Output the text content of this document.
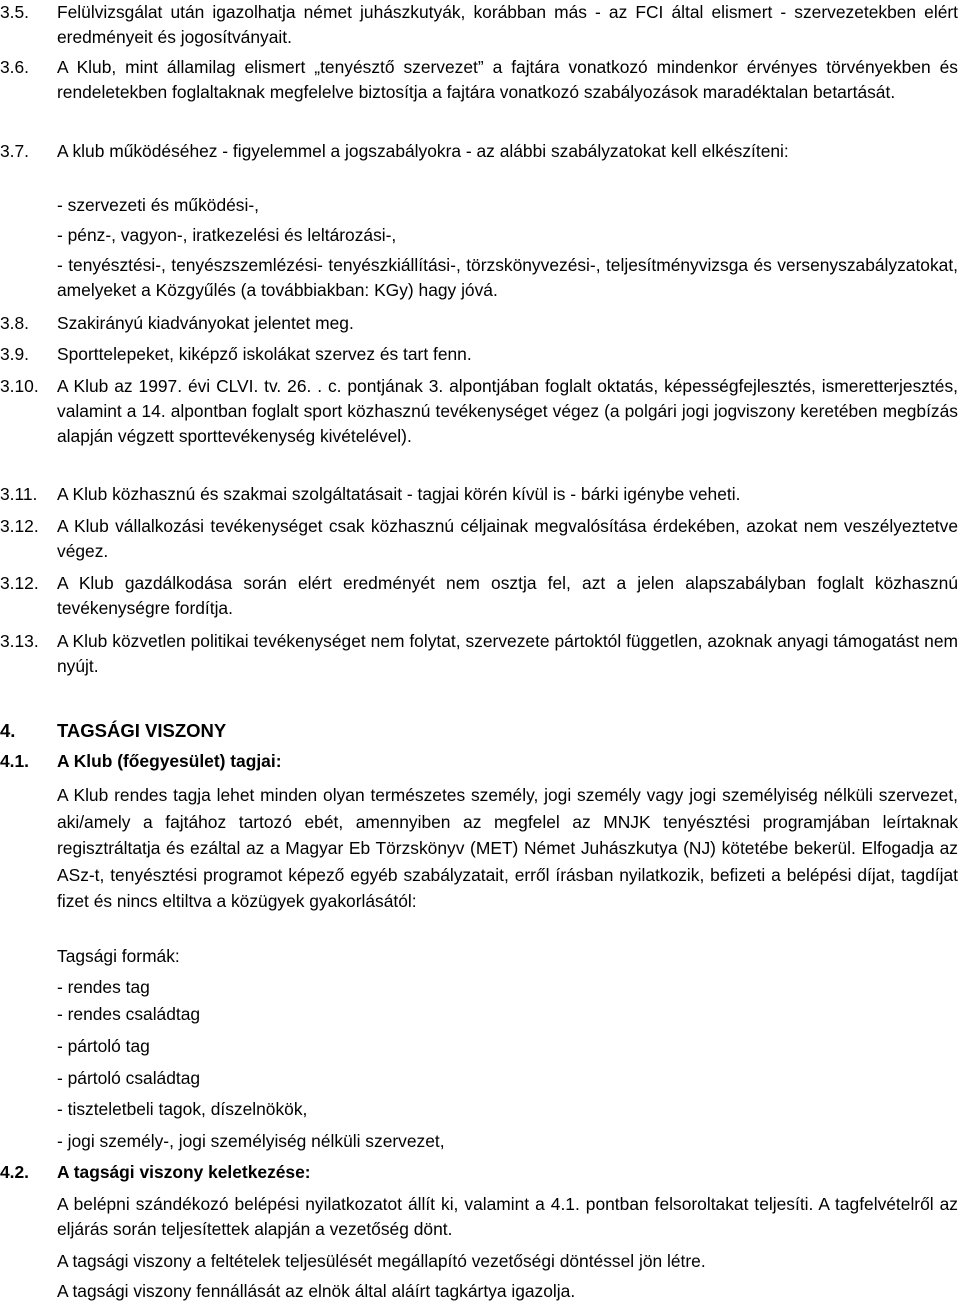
3.5. Felülvizsgálat után igazolhatja német juhászkutyák, korábban más - az FCI által elismert - szervezetekben elért eredményeit és jogosítványait.

3.6. A Klub, mint államilag elismert „tenyésztő szervezet” a fajtára vonatkozó mindenkor érvényes törvényekben és rendeletekben foglaltaknak megfelelve biztosítja a fajtára vonatkozó szabályozások maradéktalan betartását.

3.7. A klub működéséhez - figyelemmel a jogszabályokra - az alábbi szabályzatokat kell elkészíteni:

- szervezeti és működési-,

- pénz-, vagyon-, iratkezelési és leltározási-,

- tenyésztési-, tenyészszemlézési- tenyészkiállítási-, törzskönyvezési-, teljesítményvizsga és versenyszabályzatokat, amelyeket a Közgyűlés (a továbbiakban: KGy) hagy jóvá.

3.8. Szakirányú kiadványokat jelentet meg.

3.9. Sporttelepeket, kiképző iskolákat szervez és tart fenn.

3.10. A Klub az 1997. évi CLVI. tv. 26. . c. pontjának 3. alpontjában foglalt oktatás, képességfejlesztés, ismeretterjesztés, valamint a 14. alpontban foglalt sport közhasznú tevékenységet végez (a polgári jogi jogviszony keretében megbízás alapján végzett sporttevékenység kivételével).

3.11. A Klub közhasznú és szakmai szolgáltatásait - tagjai körén kívül is - bárki igénybe veheti.

3.12. A Klub vállalkozási tevékenységet csak közhasznú céljainak megvalósítása érdekében, azokat nem veszélyeztetve végez.

3.12. A Klub gazdálkodása során elért eredményét nem osztja fel, azt a jelen alapszabályban foglalt közhasznú tevékenységre fordítja.

3.13. A Klub közvetlen politikai tevékenységet nem folytat, szervezete pártoktól független, azoknak anyagi támogatást nem nyújt.

4. TAGSÁGI VISZONY

4.1. A Klub (főegyesület) tagjai:

A Klub rendes tagja lehet minden olyan természetes személy, jogi személy vagy jogi személyiség nélküli szervezet, aki/amely a fajtához tartozó ebét, amennyiben az megfelel az MNJK tenyésztési programjában leírtaknak regisztráltatja és ezáltal az a Magyar Eb Törzskönyv (MET) Német Juhászkutya (NJ) kötetébe bekerül. Elfogadja az ASz-t, tenyésztési programot képező egyéb szabályzatait, erről írásban nyilatkozik, befizeti a belépési díjat, tagdíjat fizet és nincs eltiltva a közügyek gyakorlásától:

Tagsági formák:

- rendes tag

- rendes családtag

- pártoló tag

- pártoló családtag

- tiszteletbeli tagok, díszelnökök,

- jogi személy-, jogi személyiség nélküli szervezet,

4.2. A tagsági viszony keletkezése:

A belépni szándékozó belépési nyilatkozatot állít ki, valamint a 4.1. pontban felsoroltakat teljesíti. A tagfelvételről az eljárás során teljesítettek alapján a vezetőség dönt.

A tagsági viszony a feltételek teljesülését megállapító vezetőségi döntéssel jön létre.

A tagsági viszony fennállását az elnök által aláírt tagkártya igazolja.
